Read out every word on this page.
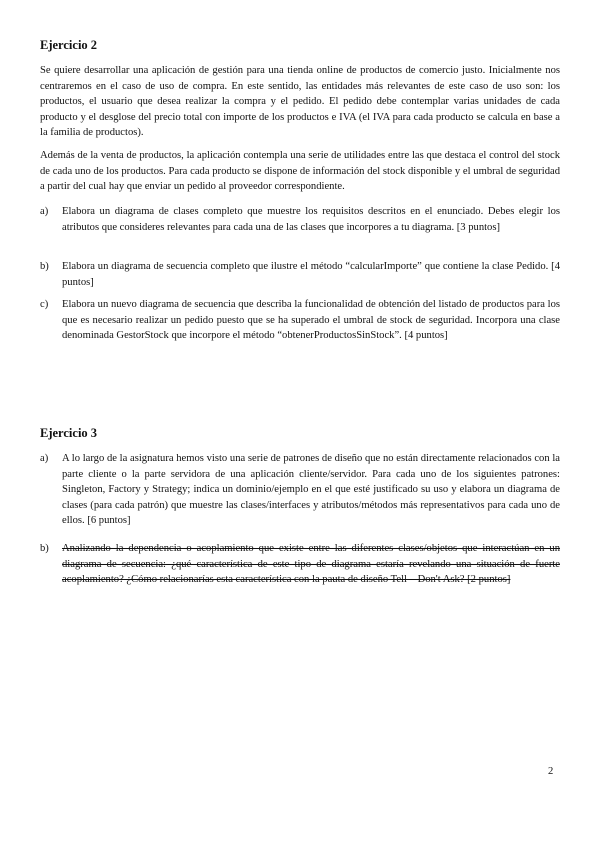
Ejercicio 2

Se quiere desarrollar una aplicación de gestión para una tienda online de productos de comercio justo. Inicialmente nos centraremos en el caso de uso de compra. En este sentido, las entidades más relevantes de este caso de uso son: los productos, el usuario que desea realizar la compra y el pedido. El pedido debe contemplar varias unidades de cada producto y el desglose del precio total con importe de los productos e IVA (el IVA para cada producto se calcula en base a la familia de productos).

Además de la venta de productos, la aplicación contempla una serie de utilidades entre las que destaca el control del stock de cada uno de los productos. Para cada producto se dispone de información del stock disponible y el umbral de seguridad a partir del cual hay que enviar un pedido al proveedor correspondiente.

a)	Elabora un diagrama de clases completo que muestre los requisitos descritos en el enunciado. Debes elegir los atributos que consideres relevantes para cada una de las clases que incorpores a tu diagrama. [3 puntos]
b)	Elabora un diagrama de secuencia completo que ilustre el método “calcularImporte” que contiene la clase Pedido. [4 puntos]
c)	Elabora un nuevo diagrama de secuencia que describa la funcionalidad de obtención del listado de productos para los que es necesario realizar un pedido puesto que se ha superado el umbral de stock de seguridad. Incorpora una clase denominada GestorStock que incorpore el método “obtenerProductosSinStock”. [4 puntos]
Ejercicio 3
a)	A lo largo de la asignatura hemos visto una serie de patrones de diseño que no están directamente relacionados con la parte cliente o la parte servidora de una aplicación cliente/servidor. Para cada uno de los siguientes patrones: Singleton, Factory y Strategy; indica un dominio/ejemplo en el que esté justificado su uso y elabora un diagrama de clases (para cada patrón) que muestre las clases/interfaces y atributos/métodos más representativos para cada uno de ellos. [6 puntos]
b)	Analizando la dependencia o acoplamiento que existe entre las diferentes clases/objetos que interactúan en un diagrama de secuencia: ¿qué característica de este tipo de diagrama estaría revelando una situación de fuerte acoplamiento? ¿Cómo relacionarías esta característica con la pauta de diseño Tell – Don't Ask? [2 puntos]
2
